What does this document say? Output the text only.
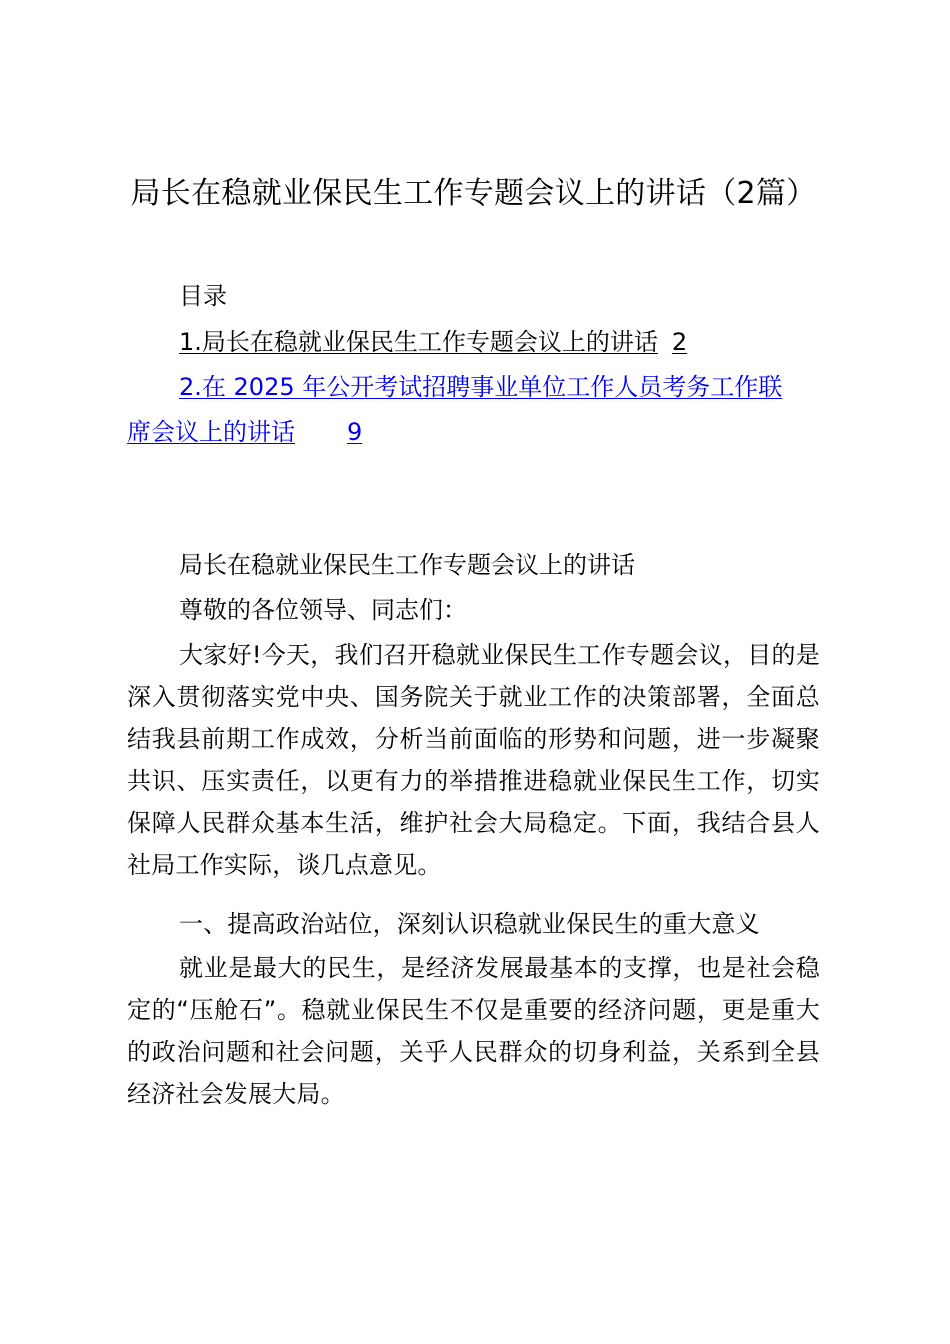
局长在稳就业保民生工作专题会议上的讲话（2篇）
目录
1.局长在稳就业保民生工作专题会议上的讲话 2
2.在 2025 年公开考试招聘事业单位工作人员考务工作联
席会议上的讲话 9
局长在稳就业保民生工作专题会议上的讲话
尊敬的各位领导、同志们：
大家好!今天，我们召开稳就业保民生工作专题会议，目的是深入贯彻落实党中央、国务院关于就业工作的决策部署，全面总结我县前期工作成效，分析当前面临的形势和问题，进一步凝聚共识、压实责任，以更有力的举措推进稳就业保民生工作，切实保障人民群众基本生活，维护社会大局稳定。下面，我结合县人社局工作实际，谈几点意见。
一、提高政治站位，深刻认识稳就业保民生的重大意义
就业是最大的民生，是经济发展最基本的支撑，也是社会稳定的“压舱石”。稳就业保民生不仅是重要的经济问题，更是重大的政治问题和社会问题，关乎人民群众的切身利益，关系到全县经济社会发展大局。
